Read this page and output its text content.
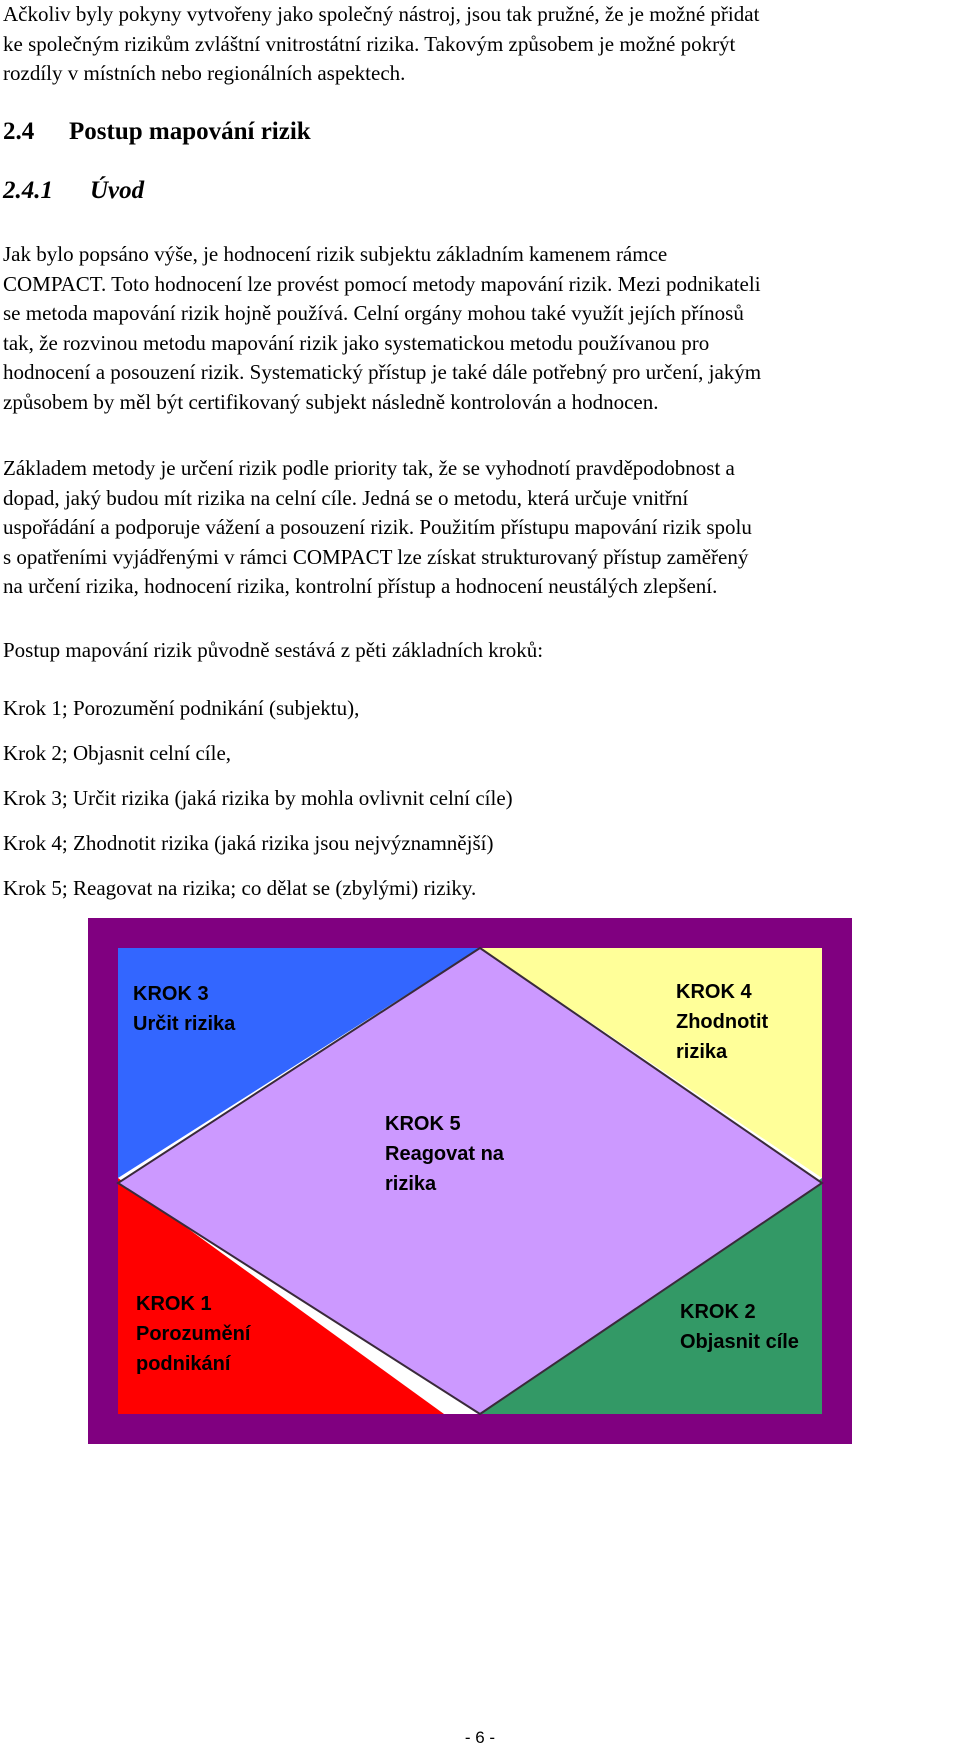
Ačkoliv byly pokyny vytvořeny jako společný nástroj, jsou tak pružné, že je možné přidat
ke společným rizikům zvláštní vnitrostátní rizika. Takovým způsobem je možné pokrýt
rozdíly v místních nebo regionálních aspektech.

2.4 Postup mapování rizik
2.4.1 Úvod

Jak bylo popsáno výše, je hodnocení rizik subjektu základním kamenem rámce
COMPACT. Toto hodnocení lze provést pomocí metody mapování rizik. Mezi podnikateli
se metoda mapování rizik hojně používá. Celní orgány mohou také využít jejích přínosů
tak, že rozvinou metodu mapování rizik jako systematickou metodu používanou pro
hodnocení a posouzení rizik. Systematický přístup je také dále potřebný pro určení, jakým
způsobem by měl být certifikovaný subjekt následně kontrolován a hodnocen.

Základem metody je určení rizik podle priority tak, že se vyhodnotí pravděpodobnost a
dopad, jaký budou mít rizika na celní cíle. Jedná se o metodu, která určuje vnitřní
uspořádání a podporuje vážení a posouzení rizik. Použitím přístupu mapování rizik spolu
s opatřeními vyjádřenými v rámci COMPACT lze získat strukturovaný přístup zaměřený
na určení rizika, hodnocení rizika, kontrolní přístup a hodnocení neustálých zlepšení.

Postup mapování rizik původně sestává z pěti základních kroků:

Krok 1; Porozumění podnikání (subjektu),

Krok 2; Objasnit celní cíle,

Krok 3; Určit rizika (jaká rizika by mohla ovlivnit celní cíle)

Krok 4; Zhodnotit rizika (jaká rizika jsou nejvýznamnější)

Krok 5; Reagovat na rizika; co dělat se (zbylými) riziky.

KROK 3
Určit rizika
KROK 4
Zhodnotit
rizika
KROK 5
Reagovat na
rizika
KROK 1
Porozumění
podnikání
KROK 2
Objasnit cíle

- 6 -
